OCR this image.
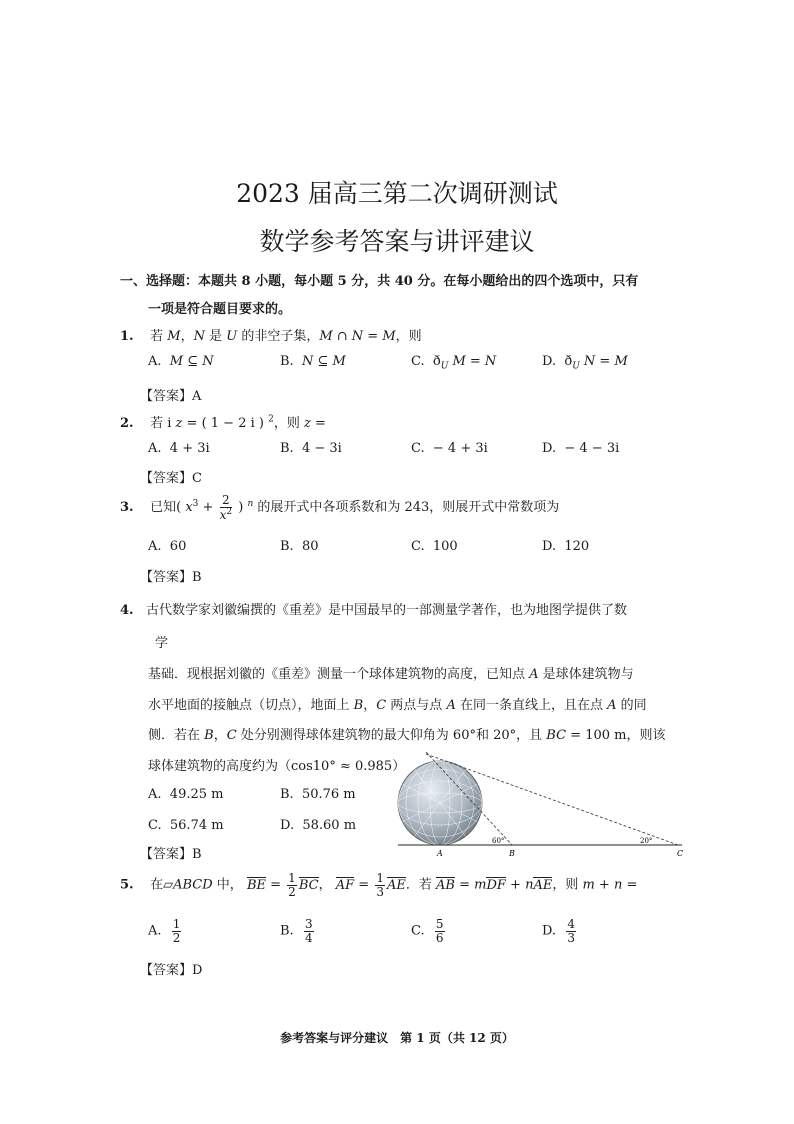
2023 届高三第二次调研测试
数学参考答案与讲评建议
一、选择题：本题共 8 小题，每小题 5 分，共 40 分。在每小题给出的四个选项中，只有
一项是符合题目要求的。
1. 若 M，N 是 U 的非空子集，M ∩ N = M，则
A. M ⊆ N	B. N ⊆ M	C. $ð_U$ M = N	D. $ð_U$ N = M
【答案】A
2. 若 i z = ( 1 − 2 i ) $^2$，则 z =
A. 4 + 3i	B. 4 − 3i	C. − 4 + 3i	D. − 4 − 3i
【答案】C
3. 已知( $x^3 + \frac{2}{x^2}$ ) $^n$ 的展开式中各项系数和为 243，则展开式中常数项为
A. 60	B. 80	C. 100	D. 120
【答案】B
4. 古代数学家刘徽编撰的《重差》是中国最早的一部测量学著作，也为地图学提供了数
学
基础．现根据刘徽的《重差》测量一个球体建筑物的高度，已知点 A 是球体建筑物与
水平地面的接触点（切点），地面上 B，C 两点与点 A 在同一条直线上，且在点 A 的同
侧．若在 B，C 处分别测得球体建筑物的最大仰角为 60°和 20°，且 BC = 100 m，则该
球体建筑物的高度约为（cos10° ≈ 0.985）
A. 49.25 m	B. 50.76 m
C. 56.74 m	D. 58.60 m
【答案】B	A	B	C
60°	20°
5. 在▱ABCD 中， BE = $\frac{1}{2}$ BC， AF = $\frac{1}{3}$ AE．若 AB = mDF + nAE，则 m + n =
A. $\frac{1}{2}$	B. $\frac{3}{4}$	C. $\frac{5}{6}$	D. $\frac{4}{3}$
【答案】D
参考答案与评分建议　第 1 页（共 12 页）
